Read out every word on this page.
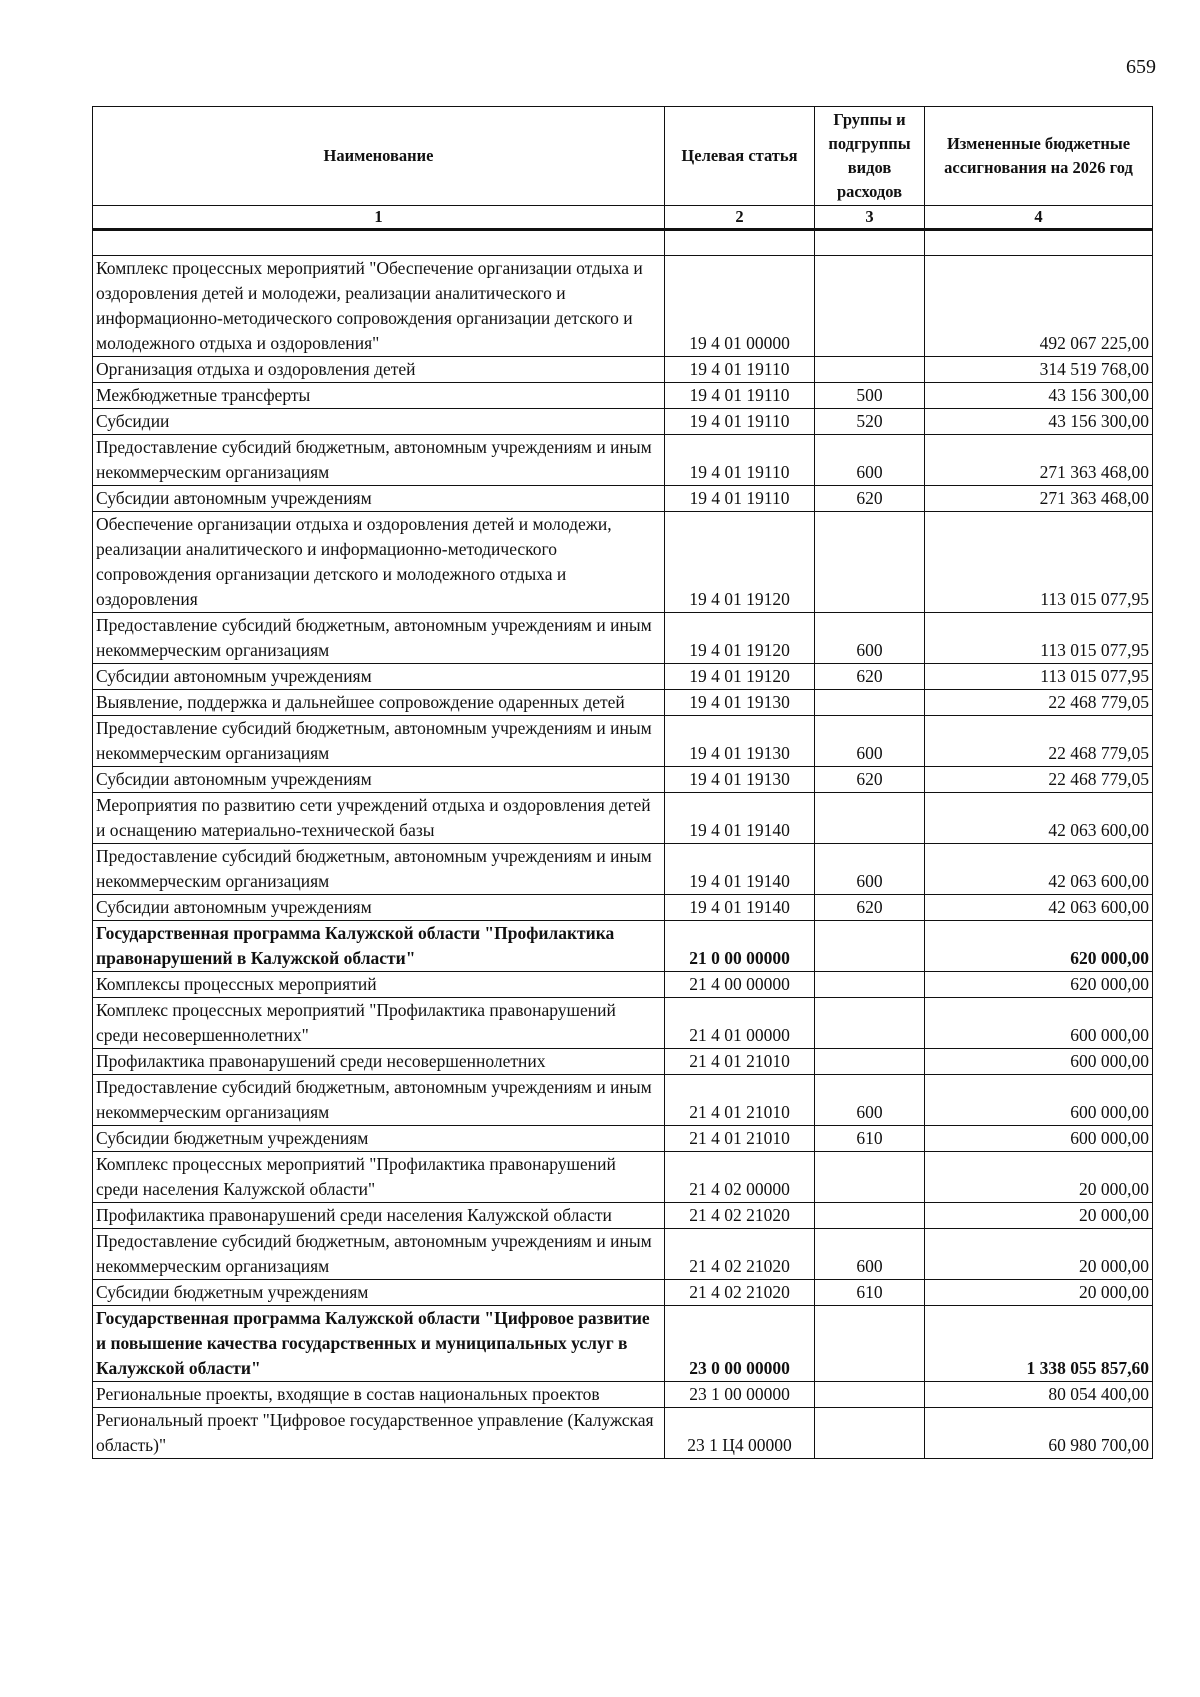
659
Наименование	Целевая статья	Группы и подгруппы видов расходов	Измененные бюджетные ассигнования на 2026 год
1	2	3	4

Комплекс процессных мероприятий "Обеспечение организации отдыха и оздоровления детей и молодежи, реализации аналитического и информационно-методического сопровождения организации детского и молодежного отдыха и оздоровления"	19 4 01 00000		492 067 225,00
Организация отдыха и оздоровления детей	19 4 01 19110		314 519 768,00
Межбюджетные трансферты	19 4 01 19110	500	43 156 300,00
Субсидии	19 4 01 19110	520	43 156 300,00
Предоставление субсидий бюджетным, автономным учреждениям и иным некоммерческим организациям	19 4 01 19110	600	271 363 468,00
Субсидии автономным учреждениям	19 4 01 19110	620	271 363 468,00
Обеспечение организации отдыха и оздоровления детей и молодежи, реализации аналитического и информационно-методического сопровождения организации детского и молодежного отдыха и оздоровления	19 4 01 19120		113 015 077,95
Предоставление субсидий бюджетным, автономным учреждениям и иным некоммерческим организациям	19 4 01 19120	600	113 015 077,95
Субсидии автономным учреждениям	19 4 01 19120	620	113 015 077,95
Выявление, поддержка и дальнейшее сопровождение одаренных детей	19 4 01 19130		22 468 779,05
Предоставление субсидий бюджетным, автономным учреждениям и иным некоммерческим организациям	19 4 01 19130	600	22 468 779,05
Субсидии автономным учреждениям	19 4 01 19130	620	22 468 779,05
Мероприятия по развитию сети учреждений отдыха и оздоровления детей и оснащению материально-технической базы	19 4 01 19140		42 063 600,00
Предоставление субсидий бюджетным, автономным учреждениям и иным некоммерческим организациям	19 4 01 19140	600	42 063 600,00
Субсидии автономным учреждениям	19 4 01 19140	620	42 063 600,00
Государственная программа Калужской области "Профилактика правонарушений в Калужской области"	21 0 00 00000		620 000,00
Комплексы процессных мероприятий	21 4 00 00000		620 000,00
Комплекс процессных мероприятий "Профилактика правонарушений среди несовершеннолетних"	21 4 01 00000		600 000,00
Профилактика правонарушений среди несовершеннолетних	21 4 01 21010		600 000,00
Предоставление субсидий бюджетным, автономным учреждениям и иным некоммерческим организациям	21 4 01 21010	600	600 000,00
Субсидии бюджетным учреждениям	21 4 01 21010	610	600 000,00
Комплекс процессных мероприятий "Профилактика правонарушений среди населения Калужской области"	21 4 02 00000		20 000,00
Профилактика правонарушений среди населения Калужской области	21 4 02 21020		20 000,00
Предоставление субсидий бюджетным, автономным учреждениям и иным некоммерческим организациям	21 4 02 21020	600	20 000,00
Субсидии бюджетным учреждениям	21 4 02 21020	610	20 000,00
Государственная программа Калужской области "Цифровое развитие и повышение качества государственных и муниципальных услуг в Калужской области"	23 0 00 00000		1 338 055 857,60
Региональные проекты, входящие в состав национальных проектов	23 1 00 00000		80 054 400,00
Региональный проект "Цифровое государственное управление (Калужская область)"	23 1 Ц4 00000		60 980 700,00
